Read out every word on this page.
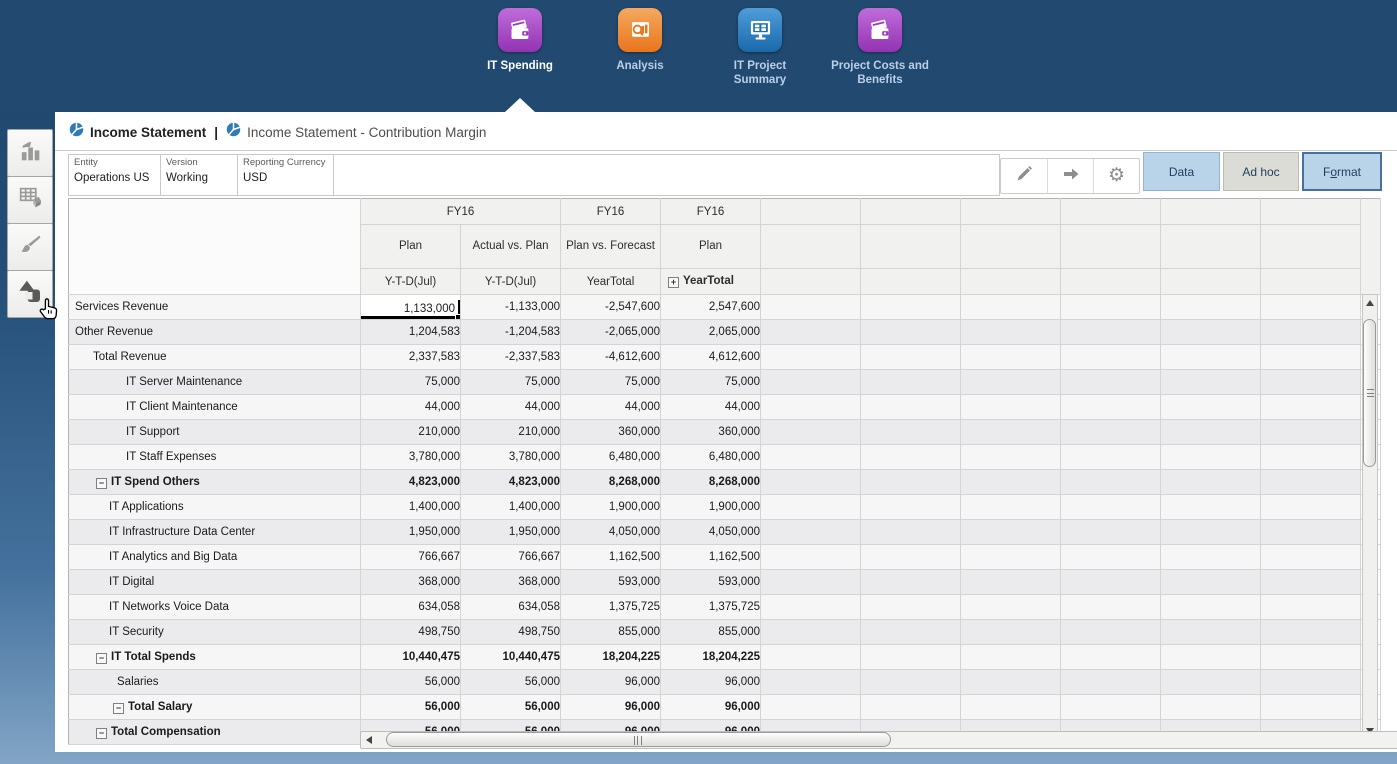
IT Spending	Analysis	IT Project Summary
Project Costs and Benefits
Income Statement | Income Statement - Contribution Margin
Entity
Operations US
Version
Working
Reporting Currency
USD	⚙	Data	Ad hoc	F o rmat
	FY16		FY16	FY16							
	Plan	Actual vs. Plan	Plan vs. Forecast	Plan							
	Y-T-D(Jul)	Y-T-D(Jul)	YearTotal	+ YearTotal							
Services Revenue	1,133,000	-1,133,000	-2,547,600	2,547,600							
Other Revenue	1,204,583	-1,204,583	-2,065,000	2,065,000							
Total Revenue	2,337,583	-2,337,583	-4,612,600	4,612,600							
IT Server Maintenance	75,000	75,000	75,000	75,000							
IT Client Maintenance	44,000	44,000	44,000	44,000							
IT Support	210,000	210,000	360,000	360,000							
IT Staff Expenses	3,780,000	3,780,000	6,480,000	6,480,000							
− IT Spend Others	4,823,000	4,823,000	8,268,000	8,268,000							
IT Applications	1,400,000	1,400,000	1,900,000	1,900,000							
IT Infrastructure Data Center	1,950,000	1,950,000	4,050,000	4,050,000							
IT Analytics and Big Data	766,667	766,667	1,162,500	1,162,500							
IT Digital	368,000	368,000	593,000	593,000							
IT Networks Voice Data	634,058	634,058	1,375,725	1,375,725							
IT Security	498,750	498,750	855,000	855,000							
− IT Total Spends	10,440,475	10,440,475	18,204,225	18,204,225							
Salaries	56,000	56,000	96,000	96,000							
− Total Salary	56,000	56,000	96,000	96,000							
− Total Compensation											
